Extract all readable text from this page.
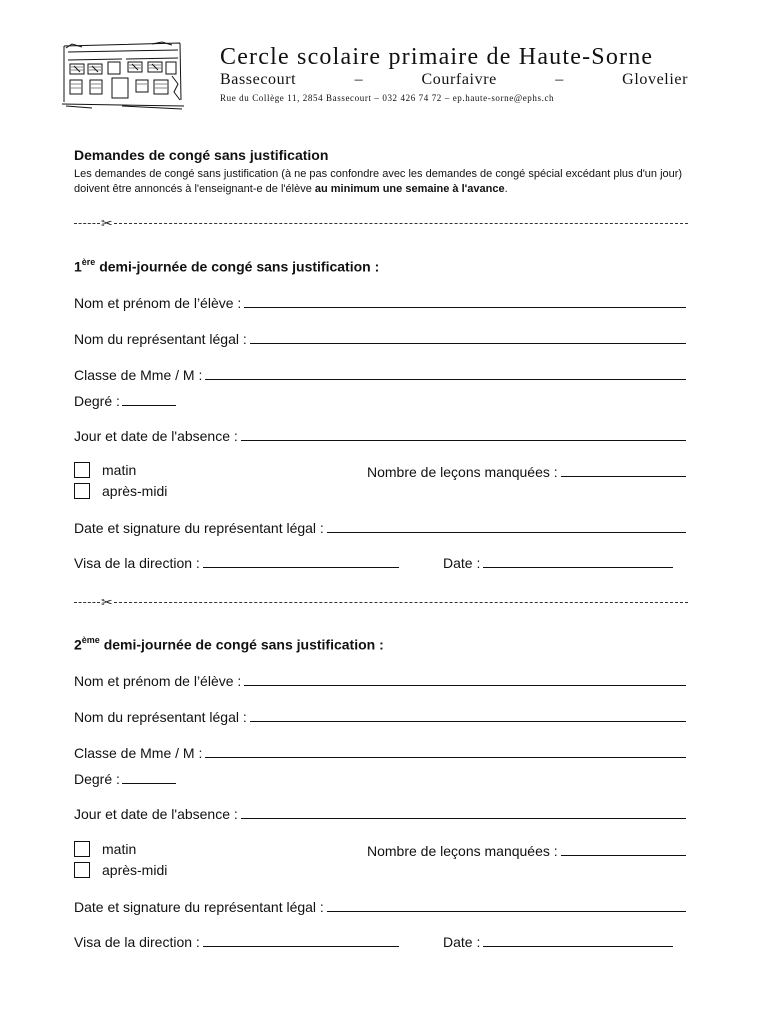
Cercle scolaire primaire de Haute-Sorne
Bassecourt	–	Courfaivre	–	Glovelier
Rue du Collège 11, 2854 Bassecourt – 032 426 74 72 – ep.haute-sorne@ephs.ch
Demandes de congé sans justification
Les demandes de congé sans justification (à ne pas confondre avec les demandes de congé spécial excédant plus d'un jour) doivent être annoncés à l'enseignant-e de l'élève au minimum une semaine à l'avance.
✂
1ère demi-journée de congé sans justification :
Nom et prénom de l’élève :
Nom du représentant légal :
Classe de Mme / M :
Degré :
Jour et date de l'absence :
matin
après-midi
Nombre de leçons manquées :
Date et signature du représentant légal :
Visa de la direction :	Date :
✂
2ème demi-journée de congé sans justification :
Nom et prénom de l’élève :
Nom du représentant légal :
Classe de Mme / M :
Degré :
Jour et date de l'absence :
matin
après-midi
Nombre de leçons manquées :
Date et signature du représentant légal :
Visa de la direction :	Date :
